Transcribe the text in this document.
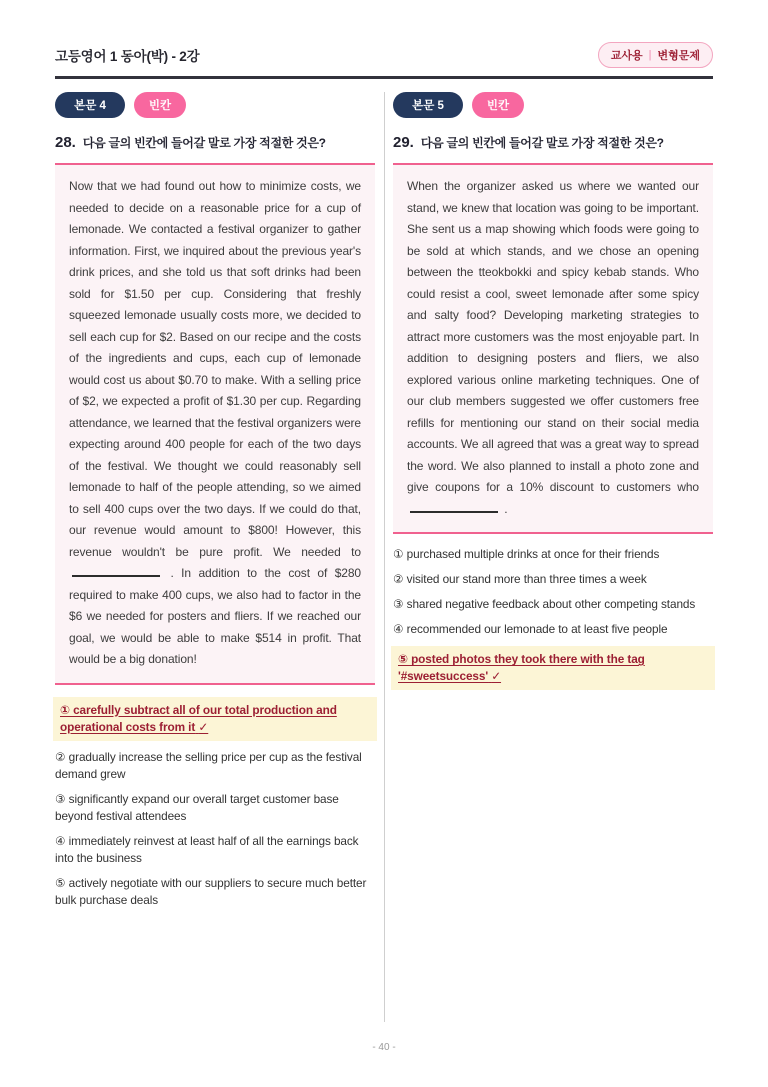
고등영어 1 동아(박) - 2강	교사용 | 변형문제
본문 4	빈칸
28. 다음 글의 빈칸에 들어갈 말로 가장 적절한 것은?
Now that we had found out how to minimize costs, we needed to decide on a reasonable price for a cup of lemonade. We contacted a festival organizer to gather information. First, we inquired about the previous year's drink prices, and she told us that soft drinks had been sold for $1.50 per cup. Considering that freshly squeezed lemonade usually costs more, we decided to sell each cup for $2. Based on our recipe and the costs of the ingredients and cups, each cup of lemonade would cost us about $0.70 to make. With a selling price of $2, we expected a profit of $1.30 per cup. Regarding attendance, we learned that the festival organizers were expecting around 400 people for each of the two days of the festival. We thought we could reasonably sell lemonade to half of the people attending, so we aimed to sell 400 cups over the two days. If we could do that, our revenue would amount to $800! However, this revenue wouldn't be pure profit. We needed to . In addition to the cost of $280 required to make 400 cups, we also had to factor in the $6 we needed for posters and fliers. If we reached our goal, we would be able to make $514 in profit. That would be a big donation!
① carefully subtract all of our total production and operational costs from it ✓
② gradually increase the selling price per cup as the festival demand grew
③ significantly expand our overall target customer base beyond festival attendees
④ immediately reinvest at least half of all the earnings back into the business
⑤ actively negotiate with our suppliers to secure much better bulk purchase deals
본문 5	빈칸
29. 다음 글의 빈칸에 들어갈 말로 가장 적절한 것은?
When the organizer asked us where we wanted our stand, we knew that location was going to be important. She sent us a map showing which foods were going to be sold at which stands, and we chose an opening between the tteokbokki and spicy kebab stands. Who could resist a cool, sweet lemonade after some spicy and salty food? Developing marketing strategies to attract more customers was the most enjoyable part. In addition to designing posters and fliers, we also explored various online marketing techniques. One of our club members suggested we offer customers free refills for mentioning our stand on their social media accounts. We all agreed that was a great way to spread the word. We also planned to install a photo zone and give coupons for a 10% discount to customers who .
① purchased multiple drinks at once for their friends
② visited our stand more than three times a week
③ shared negative feedback about other competing stands
④ recommended our lemonade to at least five people
⑤ posted photos they took there with the tag '#sweetsuccess' ✓
- 40 -
